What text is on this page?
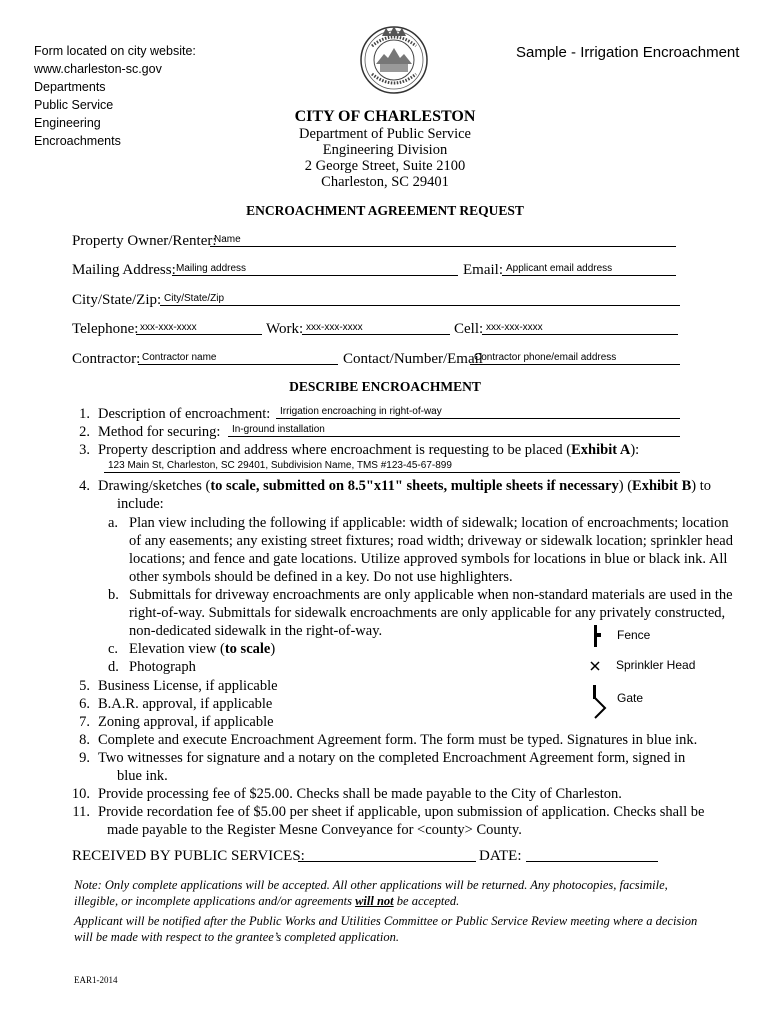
Form located on city website:
www.charleston-sc.gov
Departments
Public Service
Engineering
Encroachments
Sample - Irrigation Encroachment
CITY OF CHARLESTON
Department of Public Service
Engineering Division
2 George Street, Suite 2100
Charleston, SC 29401
ENCROACHMENT AGREEMENT REQUEST
Property Owner/Renter:
Name
Mailing Address: Mailing address	Email: Applicant email address
City/State/Zip: City/State/Zip
Telephone: xxx-xxx-xxxx	Work: xxx-xxx-xxxx	Cell: xxx-xxx-xxxx
Contractor: Contractor name	Contact/Number/Email
Contractor phone/email address
DESCRIBE ENCROACHMENT
1. Description of encroachment: Irrigation encroaching in right-of-way
2. Method for securing: In-ground installation
3. Property description and address where encroachment is requesting to be placed (Exhibit A):
123 Main St, Charleston, SC 29401, Subdivision Name, TMS #123-45-67-899
4. Drawing/sketches (to scale, submitted on 8.5"x11" sheets, multiple sheets if necessary) (Exhibit B) to
include:
a. Plan view including the following if applicable: width of sidewalk; location of encroachments; location
of any easements; any existing street fixtures; road width; driveway or sidewalk location; sprinkler head
locations; and fence and gate locations. Utilize approved symbols for locations in blue or black ink. All
other symbols should be defined in a key. Do not use highlighters.
b. Submittals for driveway encroachments are only applicable when non-standard materials are used in the
right-of-way. Submittals for sidewalk encroachments are only applicable for any privately constructed,
non-dedicated sidewalk in the right-of-way.
c. Elevation view (to scale)
d. Photograph
Fence
Sprinkler Head
Gate
5. Business License, if applicable
6. B.A.R. approval, if applicable
7. Zoning approval, if applicable
8. Complete and execute Encroachment Agreement form. The form must be typed. Signatures in blue ink.
9. Two witnesses for signature and a notary on the completed Encroachment Agreement form, signed in
blue ink.
10. Provide processing fee of $25.00. Checks shall be made payable to the City of Charleston.
11. Provide recordation fee of $5.00 per sheet if applicable, upon submission of application. Checks shall be
made payable to the Register Mesne Conveyance for <county> County.
RECEIVED BY PUBLIC SERVICES:	DATE:
Note: Only complete applications will be accepted. All other applications will be returned. Any photocopies, facsimile,
illegible, or incomplete applications and/or agreements will not be accepted.
Applicant will be notified after the Public Works and Utilities Committee or Public Service Review meeting where a decision
will be made with respect to the grantee’s completed application.
EAR1-2014
